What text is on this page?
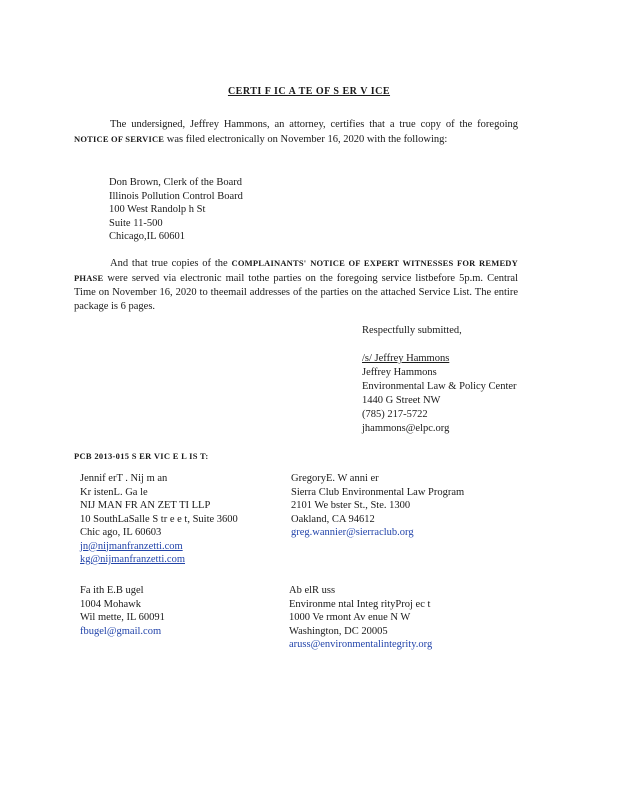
CERTI F IC A TE OF S ER V ICE
The undersigned, Jeffrey Hammons, an attorney, certifies that a true copy of the foregoing NOTICE OF SERVICE was filed electronically on November 16, 2020 with the following:
Don Brown, Clerk of the Board
Illinois Pollution Control Board
100 West Randolp h St
Suite 11-500
Chicago,IL 60601
And that true copies of the COMPLAINANTS' NOTICE OF EXPERT WITNESSES FOR REMEDY PHASE were served via electronic mail tothe parties on the foregoing service listbefore 5p.m. Central Time on November 16, 2020 to theemail addresses of the parties on the attached Service List. The entire package is 6 pages.
Respectfully submitted,
/s/ Jeffrey Hammons
Jeffrey Hammons
Environmental Law & Policy Center
1440 G Street NW
(785) 217-5722
jhammons@elpc.org
PCB 2013-015 S ER VIC E L IS T:
Jennif erT . Nij m an
Kr istenL. Ga le
NIJ MAN FR AN ZET TI LLP
10 SouthLaSalle S tr e e t, Suite 3600
Chic ago, IL 60603
jn@nijmanfranzetti.com
kg@nijmanfranzetti.com
GregoryE. W anni er
Sierra Club Environmental Law Program
2101 We bster St., Ste. 1300
Oakland, CA 94612
greg.wannier@sierraclub.org
Fa ith E.B ugel
1004 Mohawk
Wil mette, IL 60091
fbugel@gmail.com
Ab elR uss
Environme ntal Integ rityProj ec t
1000 Ve rmont Av enue N W
Washington, DC 20005
aruss@environmentalintegrity.org
